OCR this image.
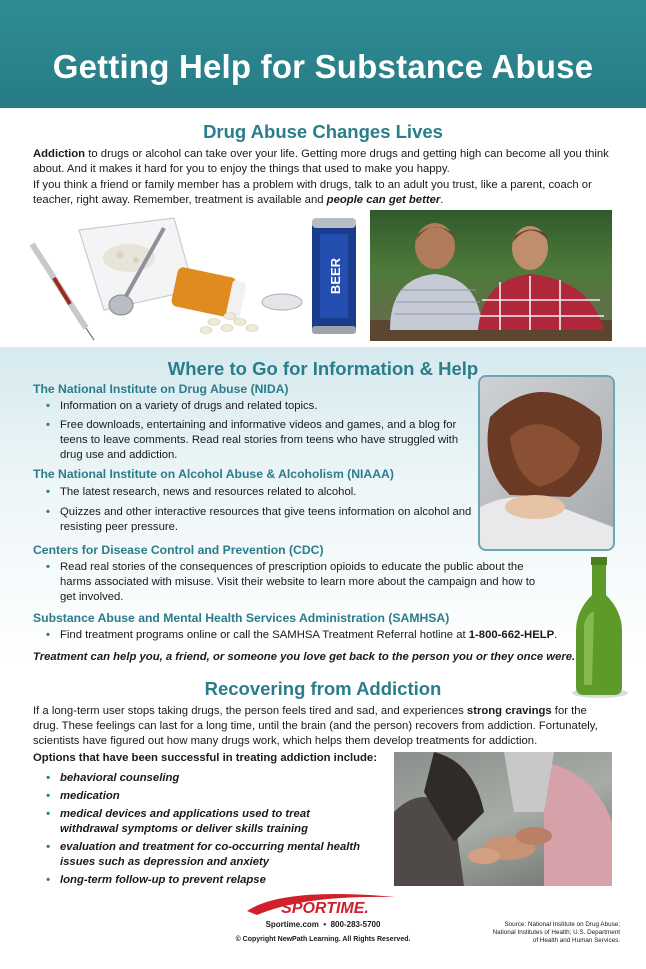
Getting Help for Substance Abuse
Drug Abuse Changes Lives

Addiction to drugs or alcohol can take over your life. Getting more drugs and getting high can become all you think about. And it makes it hard for you to enjoy the things that used to make you happy.

If you think a friend or family member has a problem with drugs, talk to an adult you trust, like a parent, coach or teacher, right away. Remember, treatment is available and people can get better.

BEER
Where to Go for Information & Help

The National Institute on Drug Abuse (NIDA)

• Information on a variety of drugs and related topics.
• Free downloads, entertaining and informative videos and games, and a blog for teens to leave comments. Read real stories from teens who have struggled with drug use and addiction.

The National Institute on Alcohol Abuse & Alcoholism (NIAAA)

• The latest research, news and resources related to alcohol.
• Quizzes and other interactive resources that give teens information on alcohol and resisting peer pressure.

Centers for Disease Control and Prevention (CDC)

• Read real stories of the consequences of prescription opioids to educate the public about the harms associated with misuse. Visit their website to learn more about the campaign and how to get involved.

Substance Abuse and Mental Health Services Administration (SAMHSA)

• Find treatment programs online or call the SAMHSA Treatment Referral hotline at 1-800-662-HELP.

Treatment can help you, a friend, or someone you love get back to the person you or they once were.

Recovering from Addiction

If a long-term user stops taking drugs, the person feels tired and sad, and experiences strong cravings for the drug. These feelings can last for a long time, until the brain (and the person) recovers from addiction. Fortunately, scientists have figured out how many drugs work, which helps them develop treatments for addiction.

Options that have been successful in treating addiction include:

• behavioral counseling
• medication
• medical devices and applications used to treat withdrawal symptoms or deliver skills training
• evaluation and treatment for co-occurring mental health issues such as depression and anxiety
• long-term follow-up to prevent relapse
SPORTIME.
Sportime.com  •  800-283-5700
© Copyright NewPath Learning. All Rights Reserved.
Source: National Institute on Drug Abuse; National Institutes of Health; U.S. Department of Health and Human Services.
